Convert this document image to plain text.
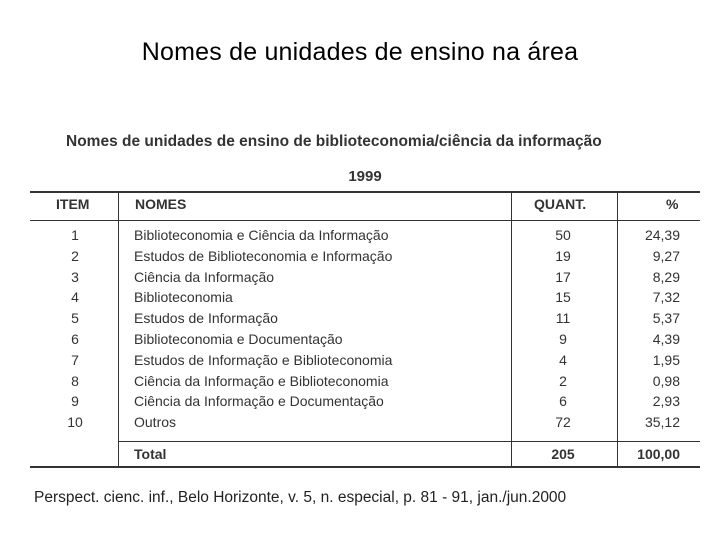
Nomes de unidades de ensino na área
Nomes de unidades de ensino de biblioteconomia/ciência da informação
1999
ITEM	NOMES	QUANT.	%
1	Biblioteconomia e Ciência da Informação	50	24,39
2	Estudos de Biblioteconomia e Informação	19	9,27
3	Ciência da Informação	17	8,29
4	Biblioteconomia	15	7,32
5	Estudos de Informação	11	5,37
6	Biblioteconomia e Documentação	9	4,39
7	Estudos de Informação e Biblioteconomia	4	1,95
8	Ciência da Informação e Biblioteconomia	2	0,98
9	Ciência da Informação e Documentação	6	2,93
10	Outros	72	35,12
Total	205	100,00
Perspect. cienc. inf., Belo Horizonte, v. 5, n. especial, p. 81 - 91, jan./jun.2000
